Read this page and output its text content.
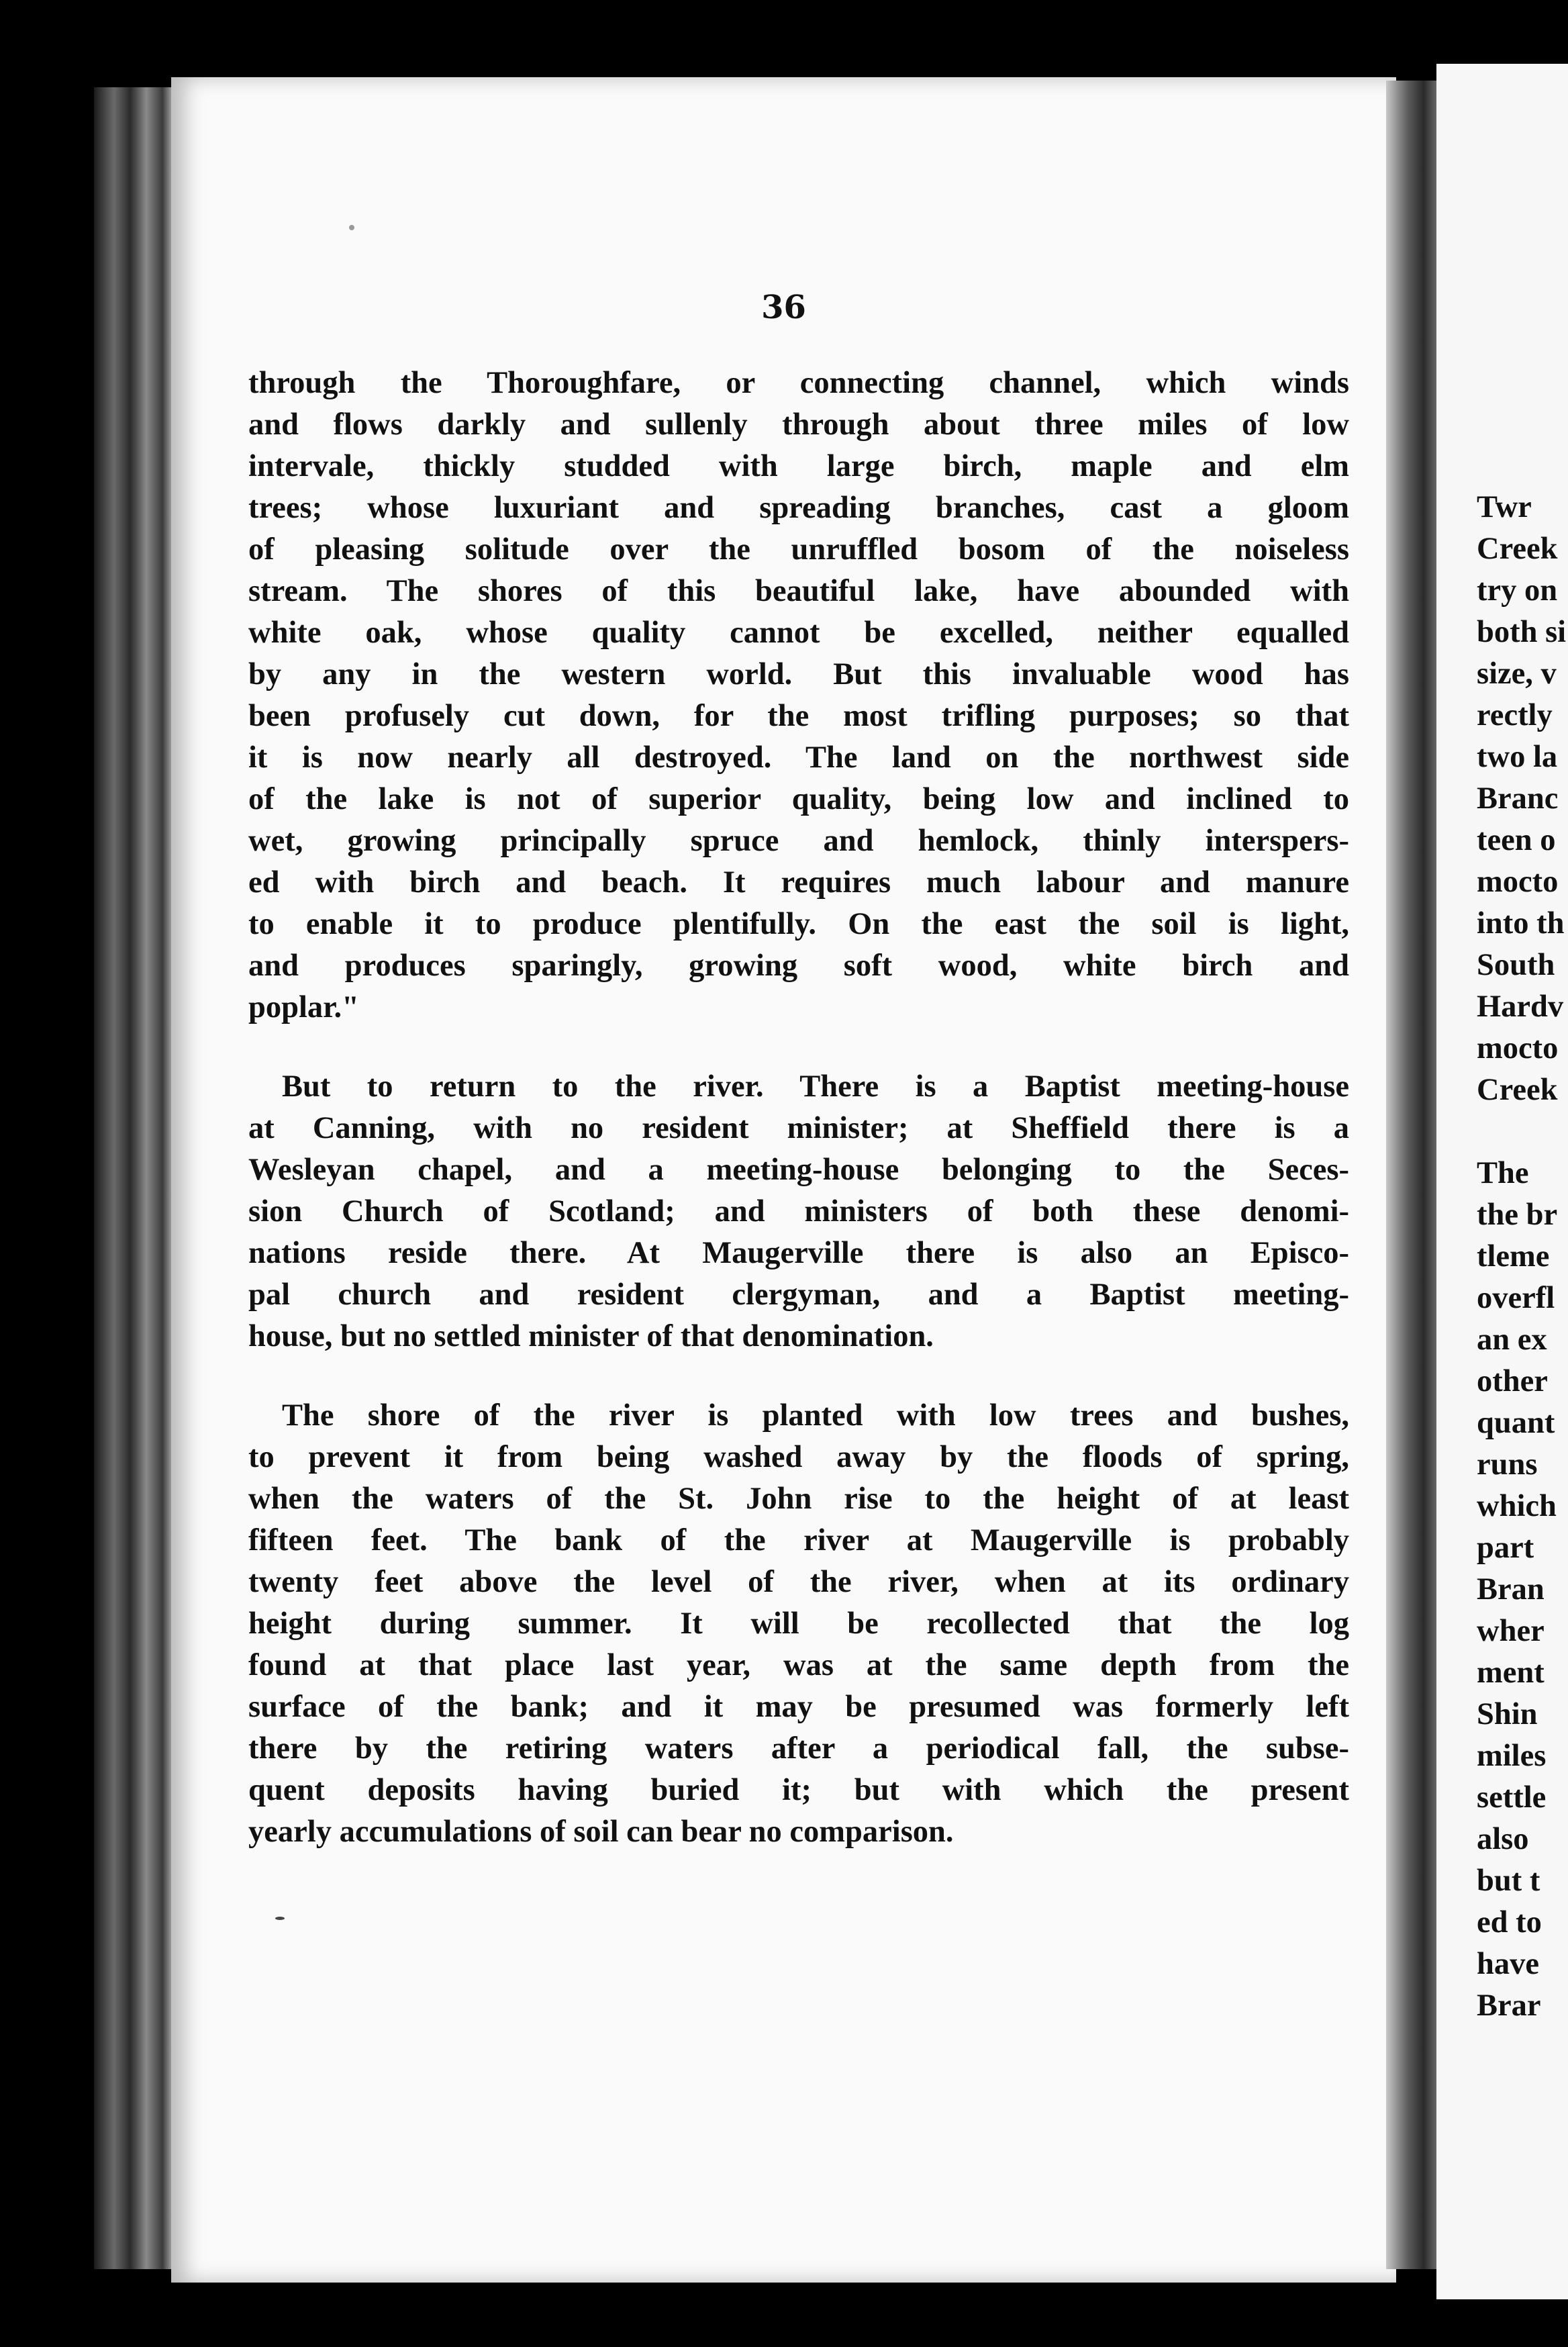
36

through the Thoroughfare, or connecting channel, which winds
and flows darkly and sullenly through about three miles of low
intervale, thickly studded with large birch, maple and elm
trees; whose luxuriant and spreading branches, cast a gloom
of pleasing solitude over the unruffled bosom of the noiseless
stream. The shores of this beautiful lake, have abounded with
white oak, whose quality cannot be excelled, neither equalled
by any in the western world. But this invaluable wood has
been profusely cut down, for the most trifling purposes; so that
it is now nearly all destroyed. The land on the northwest side
of the lake is not of superior quality, being low and inclined to
wet, growing principally spruce and hemlock, thinly interspers-
ed with birch and beach. It requires much labour and manure
to enable it to produce plentifully. On the east the soil is light,
and produces sparingly, growing soft wood, white birch and
poplar."

But to return to the river. There is a Baptist meeting-house
at Canning, with no resident minister; at Sheffield there is a
Wesleyan chapel, and a meeting-house belonging to the Seces-
sion Church of Scotland; and ministers of both these denomi-
nations reside there. At Maugerville there is also an Episco-
pal church and resident clergyman, and a Baptist meeting-
house, but no settled minister of that denomination.

The shore of the river is planted with low trees and bushes,
to prevent it from being washed away by the floods of spring,
when the waters of the St. John rise to the height of at least
fifteen feet. The bank of the river at Maugerville is probably
twenty feet above the level of the river, when at its ordinary
height during summer. It will be recollected that the log
found at that place last year, was at the same depth from the
surface of the bank; and it may be presumed was formerly left
there by the retiring waters after a periodical fall, the subse-
quent deposits having buried it; but with which the present
yearly accumulations of soil can bear no comparison.

Twr
Creek
try on
both si
size, v
rectly
two la
Branc
teen o
mocto
into th
South
Hardv
mocto
Creek

The
the br
tleme
overfl
an ex
other
quant
runs
which
part
Bran
wher
ment
Shin
miles
settle
also
but t
ed to
have
Brar
